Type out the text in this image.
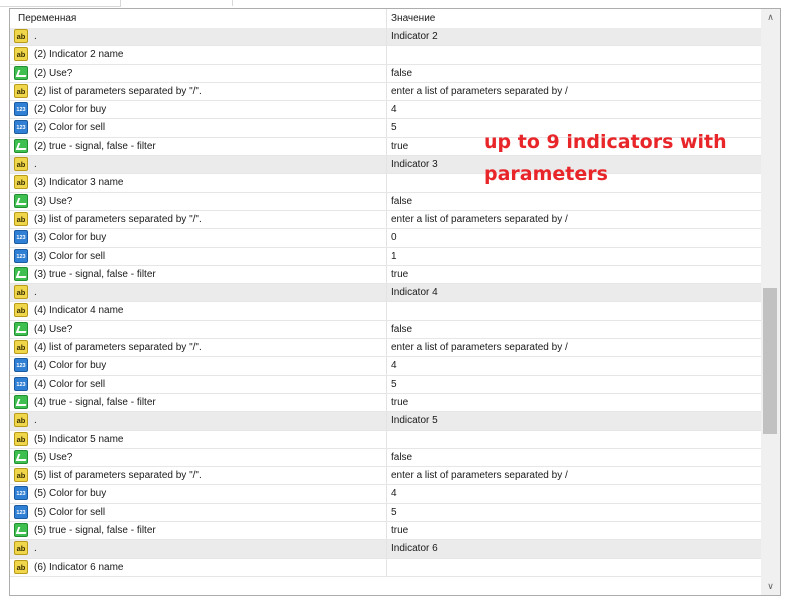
Переменная	Значение
ab .	Indicator 2
ab (2) Indicator 2 name
(2) Use?	false
ab (2) list of parameters separated by "/".	enter a list of parameters separated by /
123 (2) Color for buy	4
123 (2) Color for sell	5
(2) true - signal, false - filter	true
ab .	Indicator 3
ab (3) Indicator 3 name
(3) Use?	false
ab (3) list of parameters separated by "/".	enter a list of parameters separated by /
123 (3) Color for buy	0
123 (3) Color for sell	1
(3) true - signal, false - filter	true
ab .	Indicator 4
ab (4) Indicator 4 name
(4) Use?	false
ab (4) list of parameters separated by "/".	enter a list of parameters separated by /
123 (4) Color for buy	4
123 (4) Color for sell	5
(4) true - signal, false - filter	true
ab .	Indicator 5
ab (5) Indicator 5 name
(5) Use?	false
ab (5) list of parameters separated by "/".	enter a list of parameters separated by /
123 (5) Color for buy	4
123 (5) Color for sell	5
(5) true - signal, false - filter	true
ab .	Indicator 6
ab (6) Indicator 6 name
∧
∨
up to 9 indicators with
parameters
